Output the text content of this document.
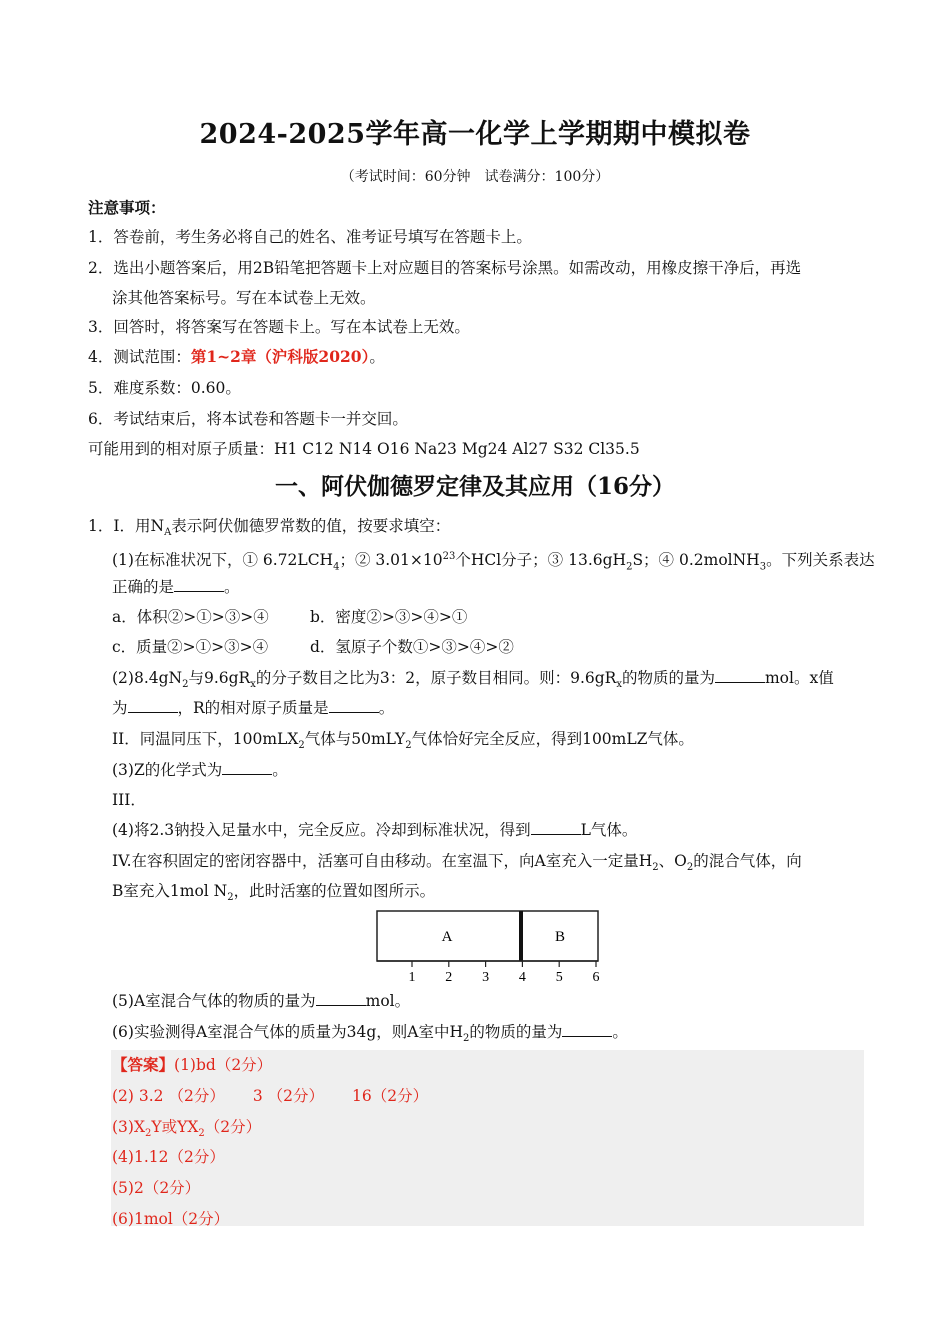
2024-2025学年高一化学上学期期中模拟卷
（考试时间：60分钟　试卷满分：100分）
注意事项：
1．答卷前，考生务必将自己的姓名、准考证号填写在答题卡上。
2．选出小题答案后，用2B铅笔把答题卡上对应题目的答案标号涂黑。如需改动，用橡皮擦干净后，再选
涂其他答案标号。写在本试卷上无效。
3．回答时，将答案写在答题卡上。写在本试卷上无效。
4．测试范围：第1~2章（沪科版2020）。
5．难度系数：0.60。
6．考试结束后，将本试卷和答题卡一并交回。
可能用到的相对原子质量：H1 C12 N14 O16 Na23 Mg24 Al27 S32 Cl35.5
一、阿伏伽德罗定律及其应用（16分）
1．I．用$N_A$表示阿伏伽德罗常数的值，按要求填空：
(1)在标准状况下，① $6.72LCH_4$；② $3.01\times 10^{23}$个HCl分子；③ $13.6gH_2S$；④ 0.2molNH$_3$。下列关系表达
正确的是	。
a．体积②>①>③>④	b．密度②>③>④>①
c．质量②>①>③>④	d．氢原子个数①>③>④>②
$(2)8.4gN_2$与$9.6gR_x$的分子数目之比为3：2，原子数目相同。则：$9.6gR_x$的物质的量为	mol。x值
为	，R的相对原子质量是	。
II．同温同压下，100mLX$_2$气体与50mLY$_2$气体恰好完全反应，得到100mLZ气体。
(3)Z的化学式为	。
III．
(4)将2.3钠投入足量水中，完全反应。冷却到标准状况，得到	L气体。
IV.在容积固定的密闭容器中，活塞可自由移动。在室温下，向A室充入一定量$H_2$、$O_2$的混合气体，向
B室充入1mol $N_2$，此时活塞的位置如图所示。
A	B
1 2 3 4 5 6
(5)A室混合气体的物质的量为	mol。
(6)实验测得A室混合气体的质量为34g，则A室中$H_2$的物质的量为	。
【答案】(1)bd（2分）
(2) 3.2 （2分） 3 （2分） 16（2分）
$(3)X_2Y$或$YX_2(2$分）
(4)1.12（2分）
(5)2（2分）
(6)1mol（2分）
